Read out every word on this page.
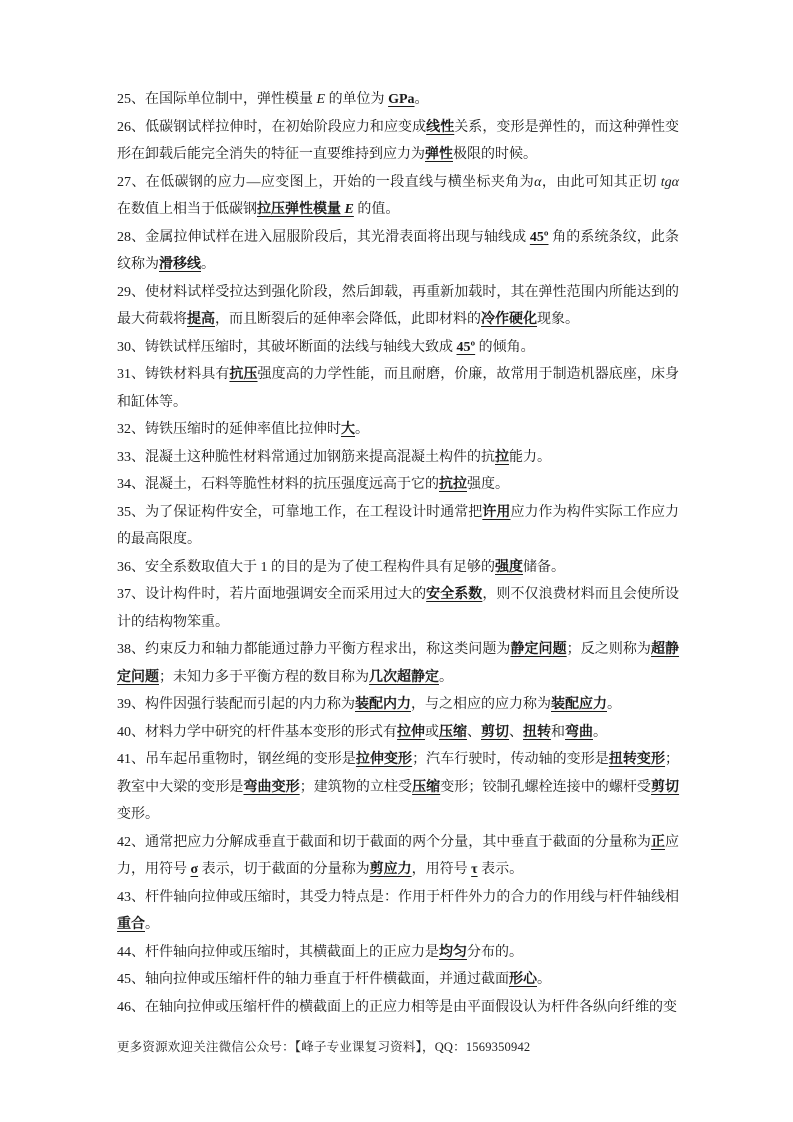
25、在国际单位制中，弹性模量 E 的单位为 GPa。

26、低碳钢试样拉伸时，在初始阶段应力和应变成线性关系，变形是弹性的，而这种弹性变形在卸载后能完全消失的特征一直要维持到应力为弹性极限的时候。

27、在低碳钢的应力—应变图上，开始的一段直线与横坐标夹角为α，由此可知其正切 tgα 在数值上相当于低碳钢拉压弹性模量 E 的值。

28、金属拉伸试样在进入屈服阶段后，其光滑表面将出现与轴线成 45º 角的系统条纹，此条纹称为滑移线。

29、使材料试样受拉达到强化阶段，然后卸载，再重新加载时，其在弹性范围内所能达到的最大荷载将提高，而且断裂后的延伸率会降低，此即材料的冷作硬化现象。

30、铸铁试样压缩时，其破坏断面的法线与轴线大致成 45º 的倾角。

31、铸铁材料具有抗压强度高的力学性能，而且耐磨，价廉，故常用于制造机器底座，床身和缸体等。

32、铸铁压缩时的延伸率值比拉伸时大。

33、混凝土这种脆性材料常通过加钢筋来提高混凝土构件的抗拉能力。

34、混凝土，石料等脆性材料的抗压强度远高于它的抗拉强度。

35、为了保证构件安全，可靠地工作，在工程设计时通常把许用应力作为构件实际工作应力的最高限度。

36、安全系数取值大于 1 的目的是为了使工程构件具有足够的强度储备。

37、设计构件时，若片面地强调安全而采用过大的安全系数，则不仅浪费材料而且会使所设计的结构物笨重。

38、约束反力和轴力都能通过静力平衡方程求出，称这类问题为静定问题；反之则称为超静定问题；未知力多于平衡方程的数目称为几次超静定。

39、构件因强行装配而引起的内力称为装配内力，与之相应的应力称为装配应力。

40、材料力学中研究的杆件基本变形的形式有拉伸或压缩、剪切、扭转和弯曲。

41、吊车起吊重物时，钢丝绳的变形是拉伸变形；汽车行驶时，传动轴的变形是扭转变形；教室中大梁的变形是弯曲变形；建筑物的立柱受压缩变形；铰制孔螺栓连接中的螺杆受剪切变形。

42、通常把应力分解成垂直于截面和切于截面的两个分量，其中垂直于截面的分量称为正应力，用符号 σ 表示，切于截面的分量称为剪应力，用符号 τ 表示。

43、杆件轴向拉伸或压缩时，其受力特点是：作用于杆件外力的合力的作用线与杆件轴线相重合。

44、杆件轴向拉伸或压缩时，其横截面上的正应力是均匀分布的。

45、轴向拉伸或压缩杆件的轴力垂直于杆件横截面，并通过截面形心。

46、在轴向拉伸或压缩杆件的横截面上的正应力相等是由平面假设认为杆件各纵向纤维的变

更多资源欢迎关注微信公众号：【峰子专业课复习资料】，QQ：1569350942
